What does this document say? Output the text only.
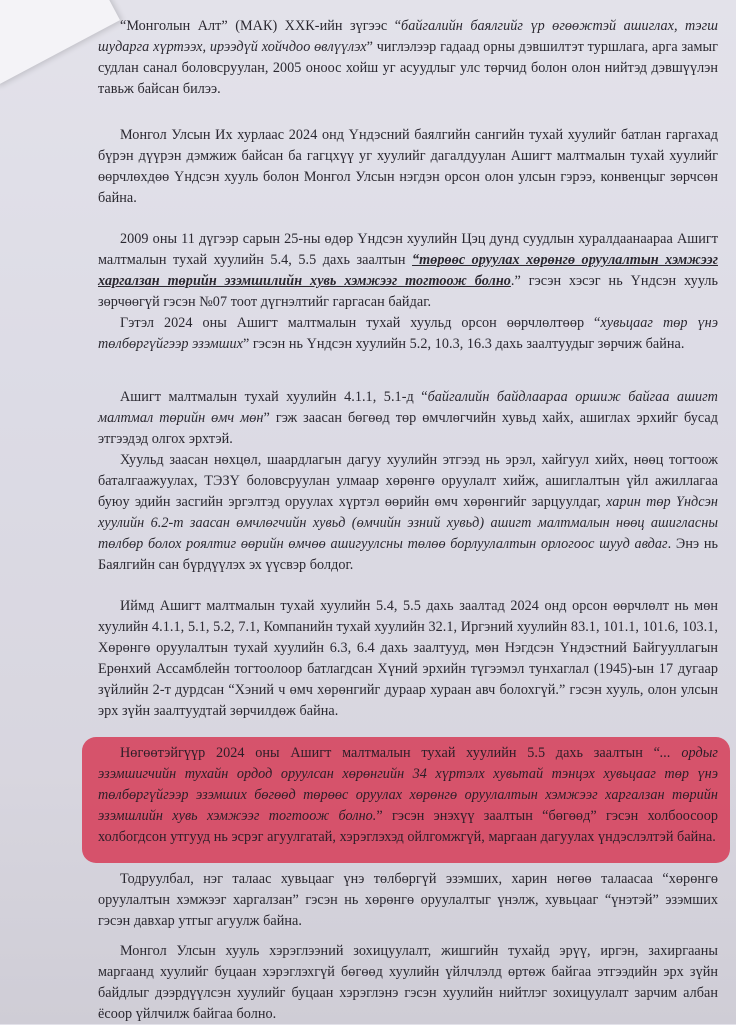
“Монголын Алт” (МАК) ХХК-ийн зүгээс “байгалийн баялгийг үр өгөөжтэй ашиглах, тэгш шударга хүртээх, ирээдүй хойчдоо өвлүүлэх” чиглэлээр гадаад орны дэвшилтэт туршлага, арга замыг судлан санал боловсруулан, 2005 оноос хойш уг асуудлыг улс төрчид болон олон нийтэд дэвшүүлэн тавьж байсан билээ.

Монгол Улсын Их хурлаас 2024 онд Үндэсний баялгийн сангийн тухай хуулийг батлан гаргахад бүрэн дүүрэн дэмжиж байсан ба гагцхүү уг хуулийг дагалдуулан Ашигт малтмалын тухай хуулийг өөрчлөхдөө Үндсэн хууль болон Монгол Улсын нэгдэн орсон олон улсын гэрээ, конвенцыг зөрчсөн байна.

2009 оны 11 дүгээр сарын 25-ны өдөр Үндсэн хуулийн Цэц дунд суудлын хуралдаанаараа Ашигт малтмалын тухай хуулийн 5.4, 5.5 дахь заалтын “төрөөс оруулах хөрөнгө оруулалтын хэмжээг харгалзан төрийн эзэмшилийн хувь хэмжээг тогтоож болно.” гэсэн хэсэг нь Үндсэн хууль зөрчөөгүй гэсэн №07 тоот дүгнэлтийг гаргасан байдаг.

Гэтэл 2024 оны Ашигт малтмалын тухай хуульд орсон өөрчлөлтөөр “хувьцааг төр үнэ төлбөргүйгээр эзэмших” гэсэн нь Үндсэн хуулийн 5.2, 10.3, 16.3 дахь заалтуудыг зөрчиж байна.

Ашигт малтмалын тухай хуулийн 4.1.1, 5.1-д “байгалийн байдлаараа оршиж байгаа ашигт малтмал төрийн өмч мөн” гэж заасан бөгөөд төр өмчлөгчийн хувьд хайх, ашиглах эрхийг бусад этгээдэд олгох эрхтэй.

Хуульд заасан нөхцөл, шаардлагын дагуу хуулийн этгээд нь эрэл, хайгуул хийх, нөөц тогтоож баталгаажуулах, ТЭЗҮ боловсруулан улмаар хөрөнгө оруулалт хийж, ашиглалтын үйл ажиллагаа буюу эдийн засгийн эргэлтэд оруулах хүртэл өөрийн өмч хөрөнгийг зарцуулдаг, харин төр Үндсэн хуулийн 6.2-т заасан өмчлөгчийн хувьд (өмчийн эзний хувьд) ашигт малтмалын нөөц ашигласны төлбөр болох роялтиг өөрийн өмчөө ашигуулсны төлөө борлуулалтын орлогоос шууд авдаг. Энэ нь Баялгийн сан бүрдүүлэх эх үүсвэр болдог.

Иймд Ашигт малтмалын тухай хуулийн 5.4, 5.5 дахь заалтад 2024 онд орсон өөрчлөлт нь мөн хуулийн 4.1.1, 5.1, 5.2, 7.1, Компанийн тухай хуулийн 32.1, Иргэний хуулийн 83.1, 101.1, 101.6, 103.1, Хөрөнгө оруулалтын тухай хуулийн 6.3, 6.4 дахь заалтууд, мөн Нэгдсэн Үндэстний Байгууллагын Ерөнхий Ассамблейн тогтоолоор батлагдсан Хүний эрхийн түгээмэл тунхаглал (1945)-ын 17 дугаар зүйлийн 2-т дурдсан “Хэний ч өмч хөрөнгийг дураар хураан авч болохгүй.” гэсэн хууль, олон улсын эрх зүйн заалтуудтай зөрчилдөж байна.

Нөгөөтэйгүүр 2024 оны Ашигт малтмалын тухай хуулийн 5.5 дахь заалтын “... ордыг эзэмшигчийн тухайн ордод оруулсан хөрөнгийн 34 хүртэлх хувьтай тэнцэх хувьцааг төр үнэ төлбөргүйгээр эзэмших бөгөөд төрөөс оруулах хөрөнгө оруулалтын хэмжээг харгалзан төрийн эзэмшлийн хувь хэмжээг тогтоож болно.” гэсэн энэхүү заалтын “бөгөөд” гэсэн холбоосоор холбогдсон утгууд нь эсрэг агуулгатай, хэрэглэхэд ойлгомжгүй, маргаан дагуулах үндэслэлтэй байна.

Тодруулбал, нэг талаас хувьцааг үнэ төлбөргүй эзэмших, харин нөгөө талаасаа “хөрөнгө оруулалтын хэмжээг харгалзан” гэсэн нь хөрөнгө оруулалтыг үнэлж, хувьцааг “үнэтэй” эзэмших гэсэн давхар утгыг агуулж байна.

Монгол Улсын хууль хэрэглээний зохицуулалт, жишгийн тухайд эрүү, иргэн, захиргааны маргаанд хуулийг буцаан хэрэглэхгүй бөгөөд хуулийн үйлчлэлд өртөж байгаа этгээдийн эрх зүйн байдлыг дээрдүүлсэн хуулийг буцаан хэрэглэнэ гэсэн хуулийн нийтлэг зохицуулалт зарчим албан ёсоор үйлчилж байгаа болно.
